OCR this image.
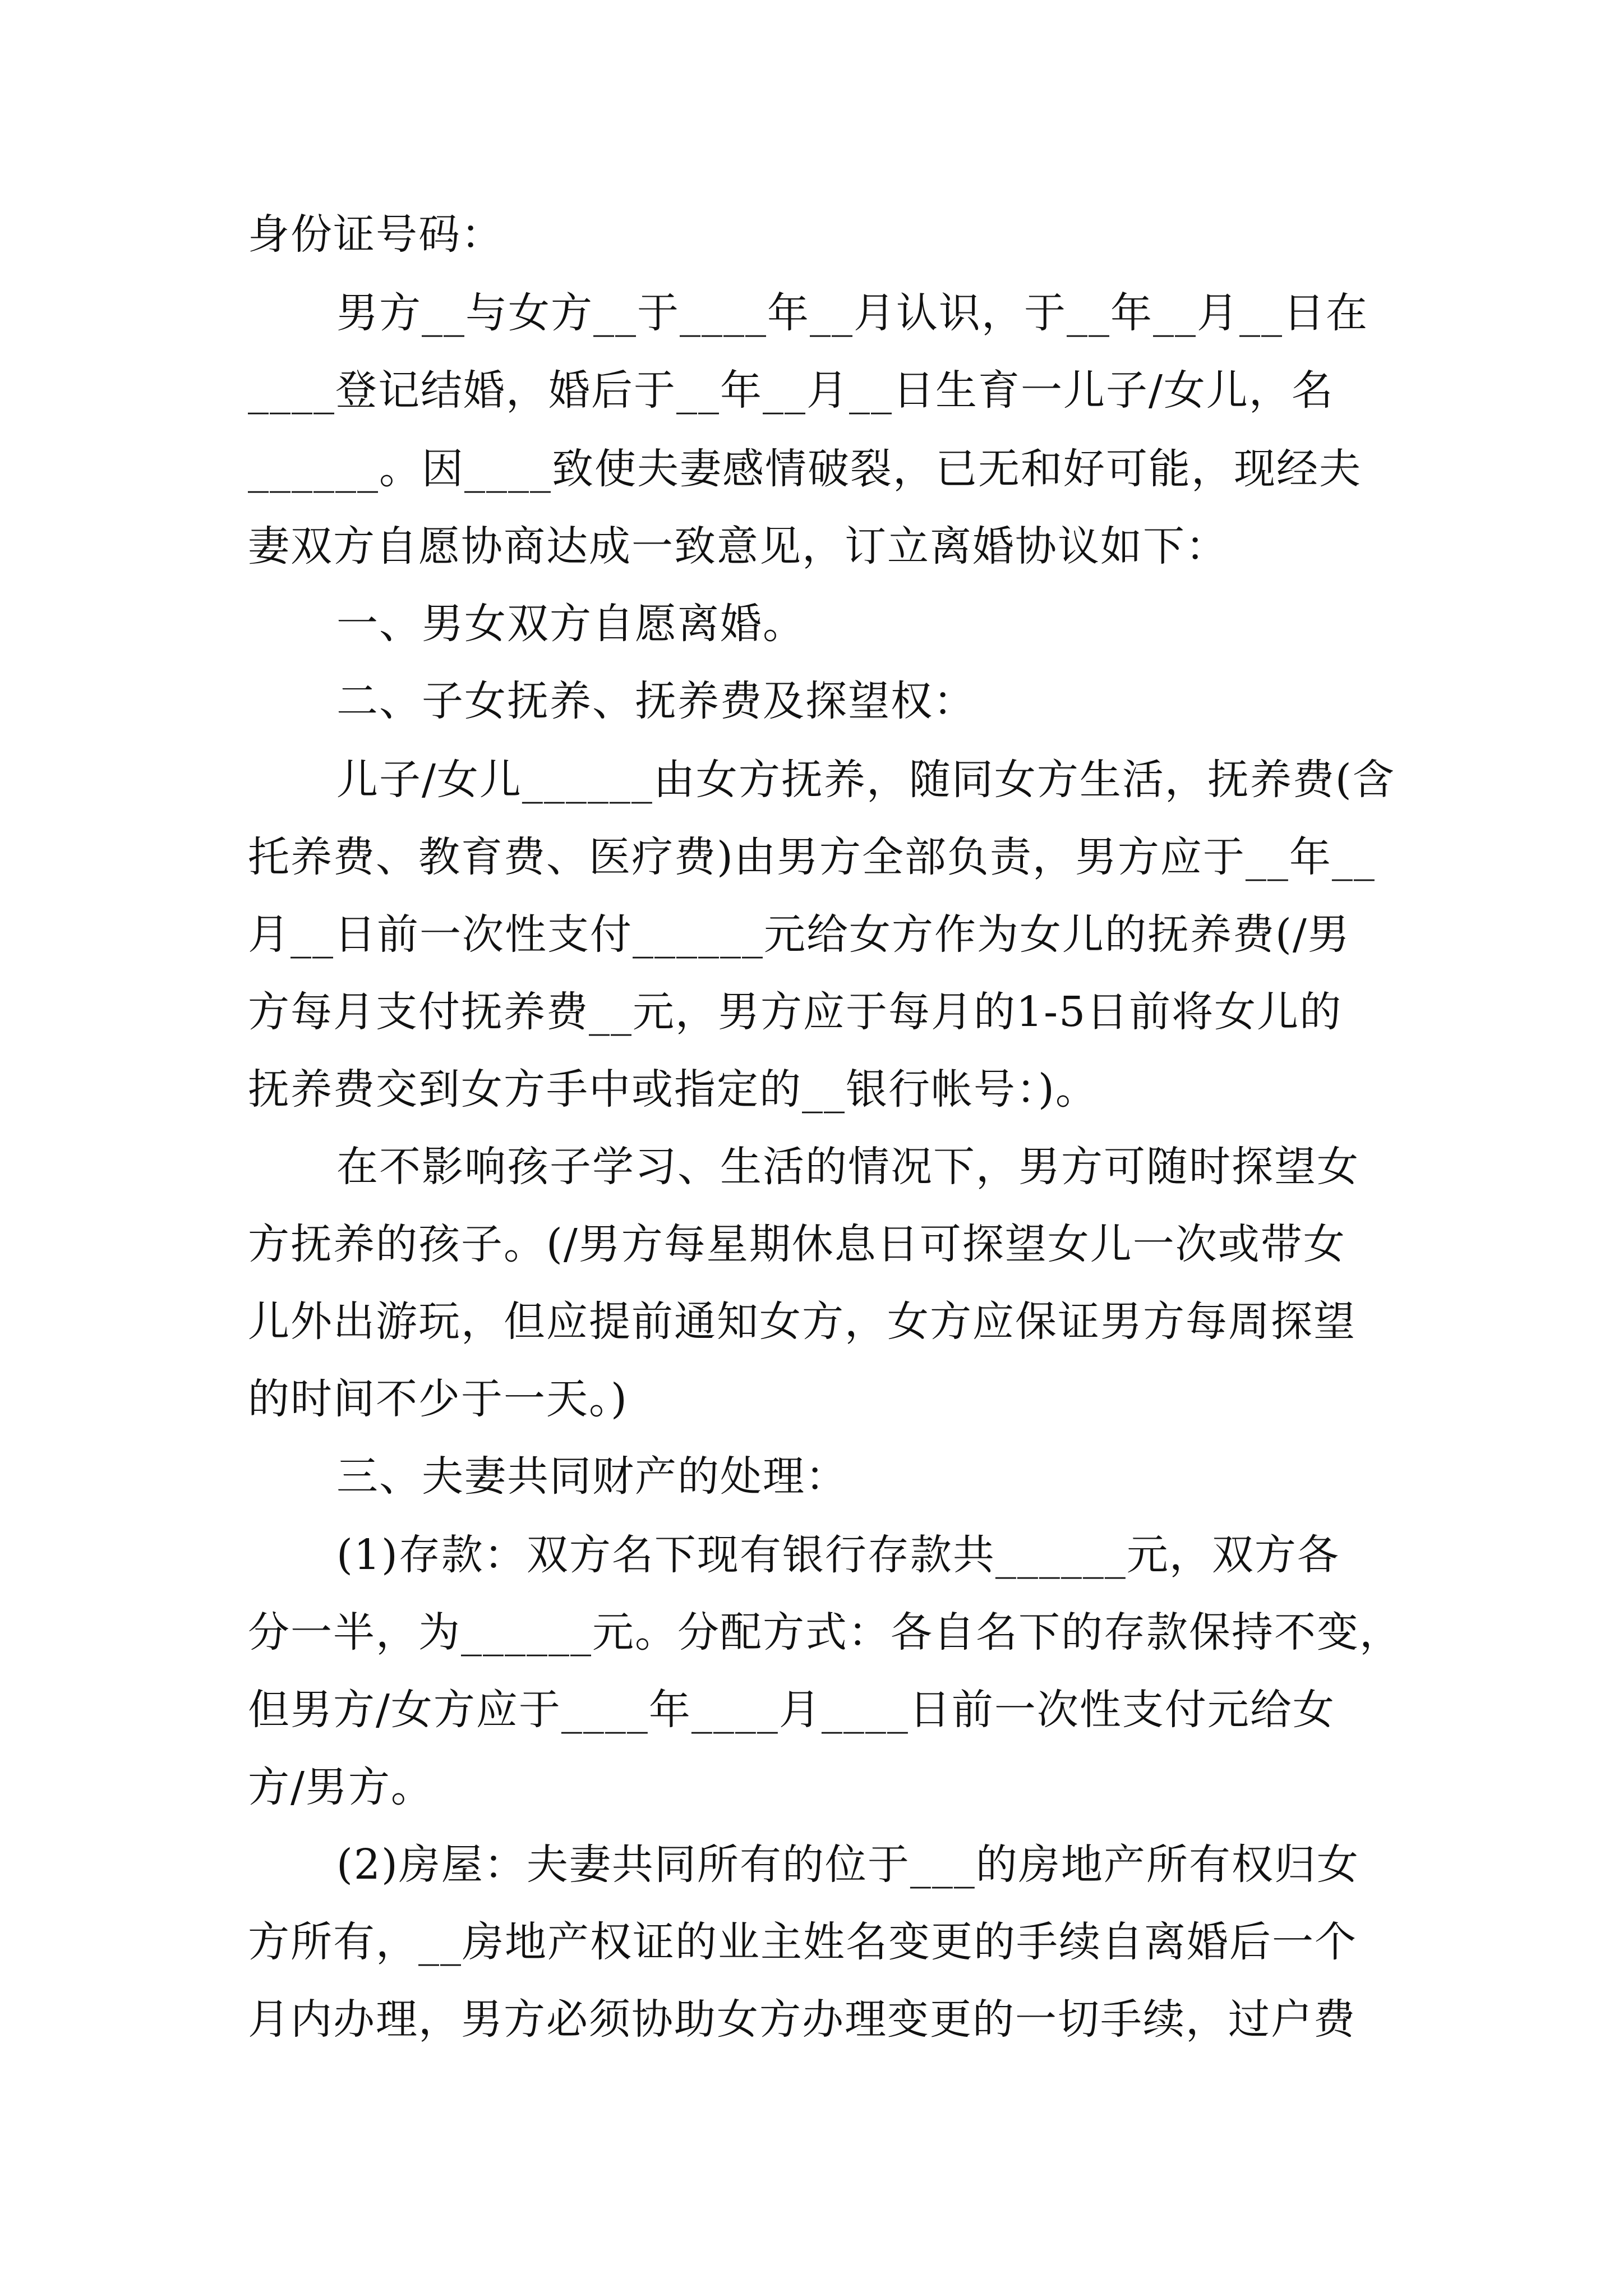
身份证号码：
男方__与女方__于____年__月认识，于__年__月__日在
____登记结婚，婚后于__年__月__日生育一儿子/女儿，名
______。因____致使夫妻感情破裂，已无和好可能，现经夫
妻双方自愿协商达成一致意见，订立离婚协议如下：
一、男女双方自愿离婚。
二、子女抚养、抚养费及探望权：
儿子/女儿______由女方抚养，随同女方生活，抚养费(含
托养费、教育费、医疗费)由男方全部负责，男方应于__年__
月__日前一次性支付______元给女方作为女儿的抚养费(/男
方每月支付抚养费__元，男方应于每月的1-5日前将女儿的
抚养费交到女方手中或指定的__银行帐号：)。
在不影响孩子学习、生活的情况下，男方可随时探望女
方抚养的孩子。(/男方每星期休息日可探望女儿一次或带女
儿外出游玩，但应提前通知女方，女方应保证男方每周探望
的时间不少于一天。)
三、夫妻共同财产的处理：
(1)存款：双方名下现有银行存款共______元，双方各
分一半，为______元。分配方式：各自名下的存款保持不变，
但男方/女方应于____年____月____日前一次性支付元给女
方/男方。
(2)房屋：夫妻共同所有的位于___的房地产所有权归女
方所有，__房地产权证的业主姓名变更的手续自离婚后一个
月内办理，男方必须协助女方办理变更的一切手续，过户费
